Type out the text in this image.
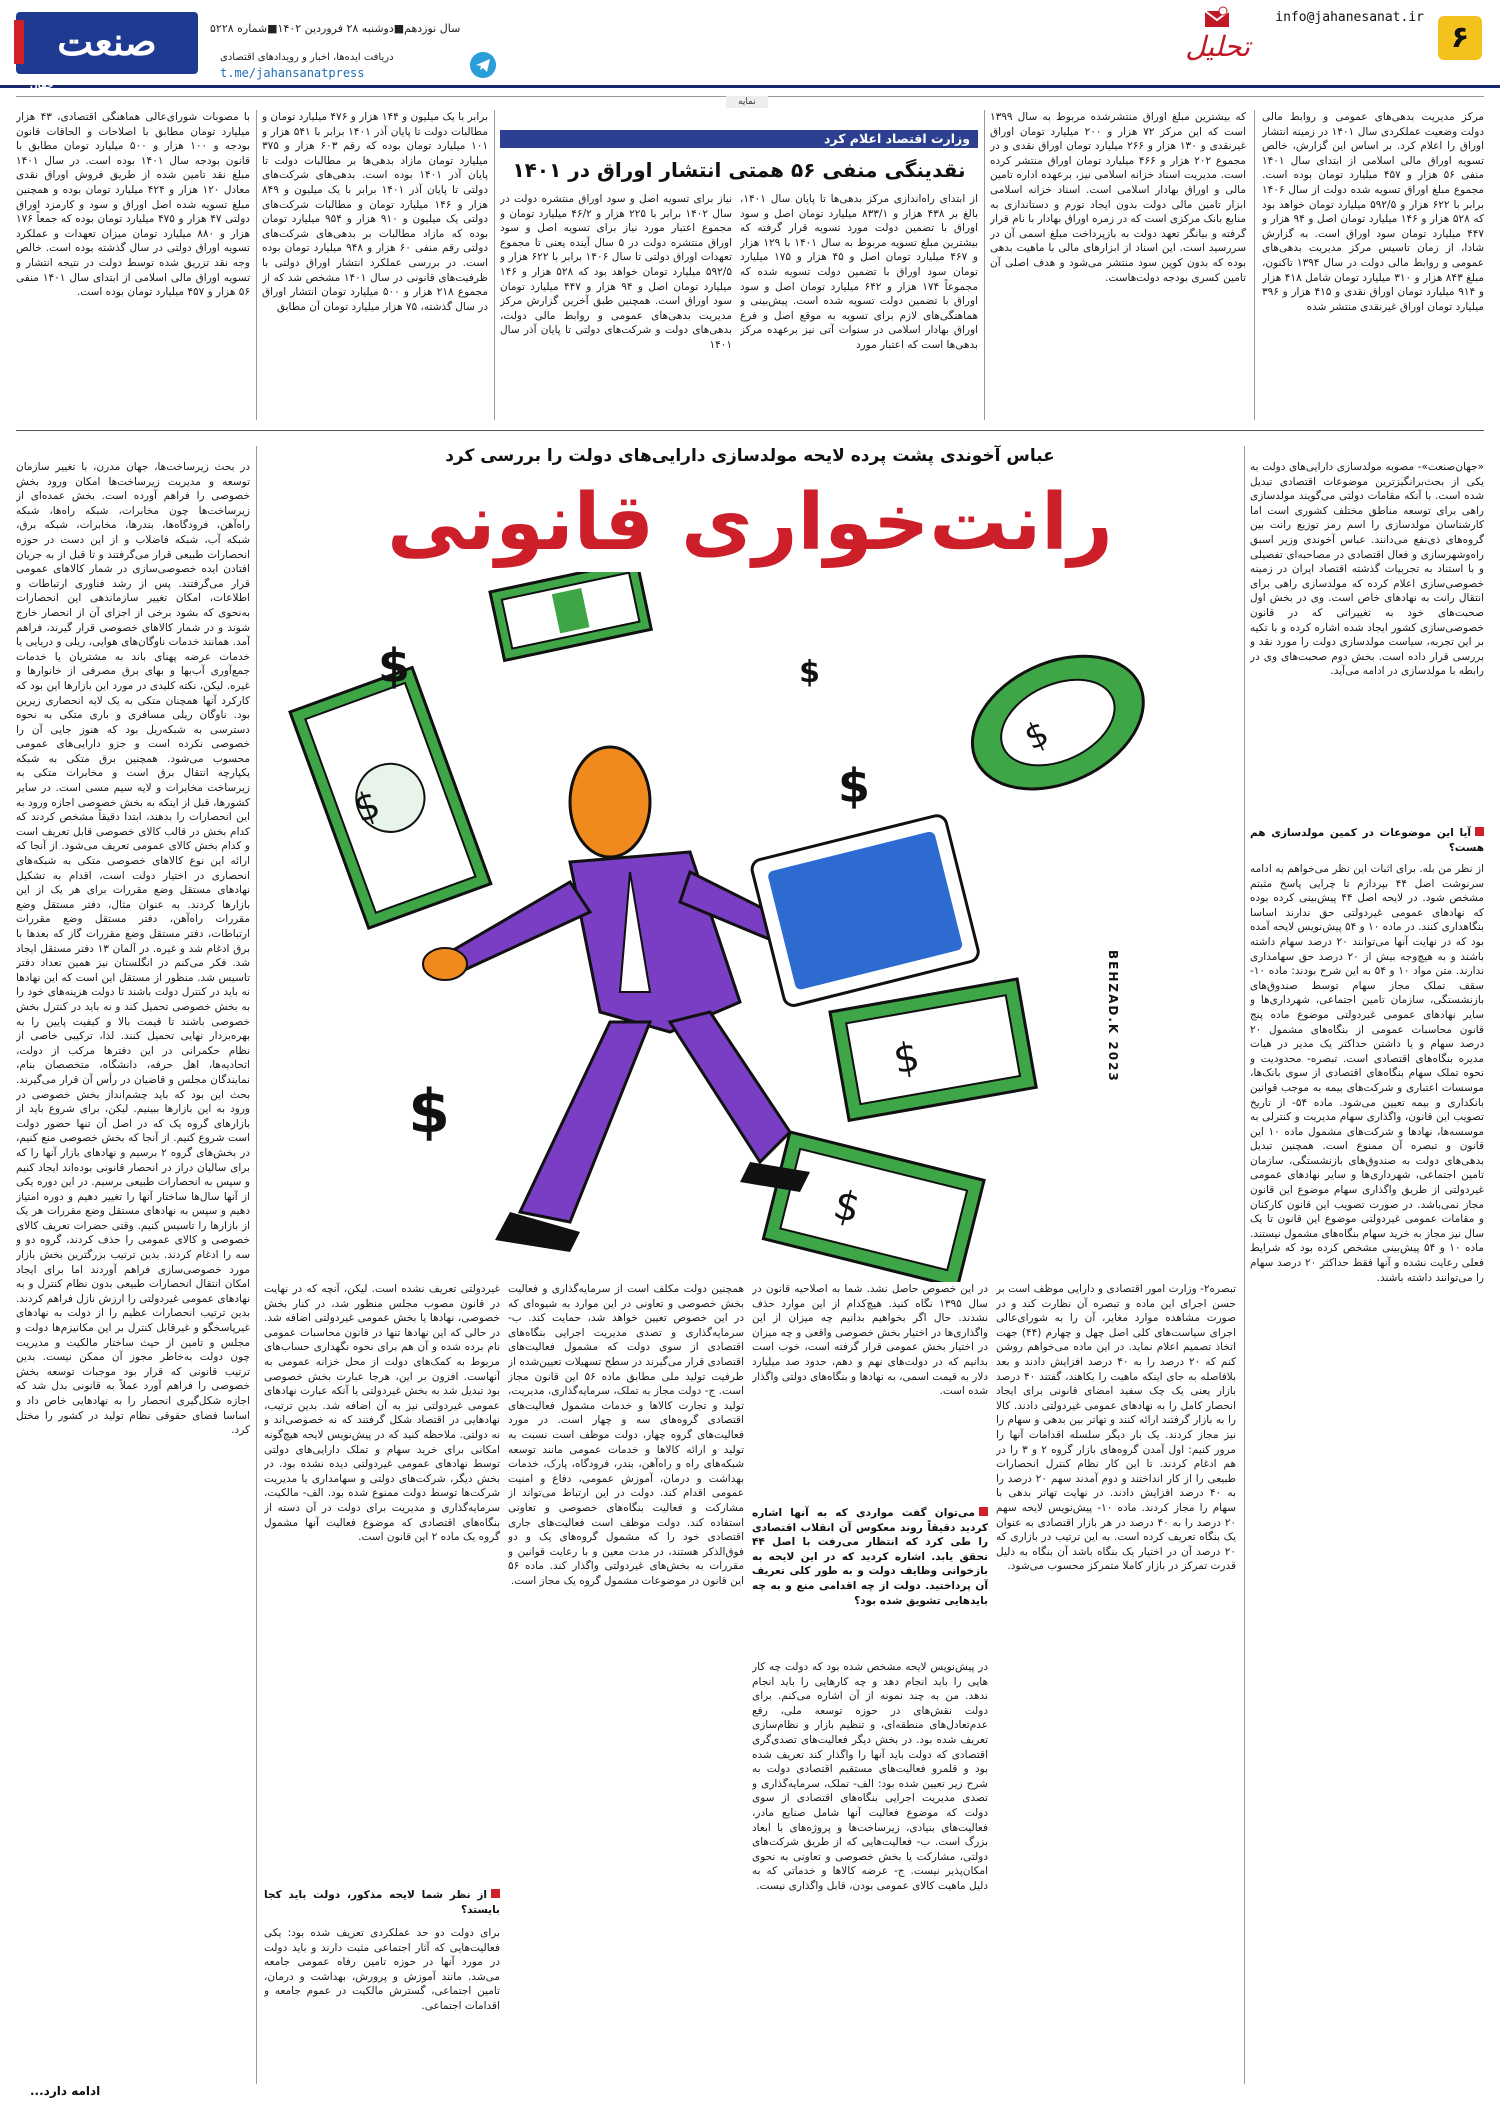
۶
info@jahanesanat.ir
تحلیل
صنعت
جهان
سال نوزدهم■دوشنبه ۲۸ فروردین ۱۴۰۲■شماره ۵۲۲۸
دریافت ایده‌ها، اخبار و رویدادهای اقتصادی
t.me/jahansanatpress
نمایه
مرکز مدیریت بدهی‌های عمومی و روابط مالی دولت وضعیت عملکردی سال ۱۴۰۱ در زمینه انتشار اوراق را اعلام کرد. بر اساس این گزارش، خالص تسویه اوراق مالی اسلامی از ابتدای سال ۱۴۰۱ منفی ۵۶ هزار و ۴۵۷ میلیارد تومان بوده است. مجموع مبلغ اوراق تسویه شده دولت از سال ۱۴۰۶ برابر با ۶۲۲ هزار و ۵۹۲/۵ میلیارد تومان خواهد بود که ۵۲۸ هزار و ۱۴۶ میلیارد تومان اصل و ۹۴ هزار و ۴۴۷ میلیارد تومان سود اوراق است. به گزارش شادا، از زمان تاسیس مرکز مدیریت بدهی‌های عمومی و روابط مالی دولت در سال ۱۳۹۴ تاکنون، مبلغ ۸۴۳ هزار و ۳۱۰ میلیارد تومان شامل ۴۱۸ هزار و ۹۱۴ میلیارد تومان اوراق نقدی و ۴۱۵ هزار و ۳۹۶ میلیارد تومان اوراق غیرنقدی منتشر شده
که بیشترین مبلغ اوراق منتشرشده مربوط به سال ۱۳۹۹ است که این مرکز ۷۲ هزار و ۲۰۰ میلیارد تومان اوراق غیرنقدی و ۱۳۰ هزار و ۲۶۶ میلیارد تومان اوراق نقدی و در مجموع ۲۰۲ هزار و ۴۶۶ میلیارد تومان اوراق منتشر کرده است. مدیریت اسناد خزانه اسلامی نیز، برعهده اداره تامین مالی و اوراق بهادار اسلامی است. اسناد خزانه اسلامی ابزار تامین مالی دولت بدون ایجاد تورم و دستاندازی به منابع بانک مرکزی است که در زمره اوراق بهادار با نام قرار گرفته و بیانگر تعهد دولت به بازپرداخت مبلغ اسمی آن در سررسید است. این اسناد از ابزارهای مالی با ماهیت بدهی بوده که بدون کوپن سود منتشر می‌شود و هدف اصلی آن تامین کسری بودجه دولت‌هاست.
وزارت اقتصاد اعلام کرد
نقدینگی منفی ۵۶ همتی انتشار اوراق در ۱۴۰۱
از ابتدای راه‌اندازی مرکز بدهی‌ها تا پایان سال ۱۴۰۱، بالغ بر ۴۳۸ هزار و ۸۳۳/۱ میلیارد تومان اصل و سود اوراق با تضمین دولت مورد تسویه قرار گرفته که بیشترین مبلغ تسویه مربوط به سال ۱۴۰۱ با ۱۲۹ هزار و ۴۶۷ میلیارد تومان اصل و ۴۵ هزار و ۱۷۵ میلیارد تومان سود اوراق با تضمین دولت تسویه شده که مجموعاً ۱۷۴ هزار و ۶۴۲ میلیارد تومان اصل و سود اوراق با تضمین دولت تسویه شده است. پیش‌بینی و هماهنگی‌های لازم برای تسویه به موقع اصل و فرع اوراق بهادار اسلامی در سنوات آتی نیز برعهده مرکز بدهی‌ها است که اعتبار مورد
نیاز برای تسویه اصل و سود اوراق منتشره دولت در سال ۱۴۰۲ برابر با ۲۲۵ هزار و ۴۶/۲ میلیارد تومان و مجموع اعتبار مورد نیاز برای تسویه اصل و سود اوراق منتشره دولت در ۵ سال آینده یعنی تا مجموع تعهدات اوراق دولتی تا سال ۱۴۰۶ برابر با ۶۲۲ هزار و ۵۹۲/۵ میلیارد تومان خواهد بود که ۵۲۸ هزار و ۱۴۶ میلیارد تومان اصل و ۹۴ هزار و ۴۴۷ میلیارد تومان سود اوراق است. همچنین طبق آخرین گزارش مرکز مدیریت بدهی‌های عمومی و روابط مالی دولت، بدهی‌های دولت و شرکت‌های دولتی تا پایان آذر سال ۱۴۰۱
برابر با یک میلیون و ۱۴۴ هزار و ۴۷۶ میلیارد تومان و مطالبات دولت تا پایان آذر ۱۴۰۱ برابر با ۵۴۱ هزار و ۱۰۱ میلیارد تومان بوده که رقم ۶۰۳ هزار و ۳۷۵ میلیارد تومان مازاد بدهی‌ها بر مطالبات دولت تا پایان آذر ۱۴۰۱ بوده است. بدهی‌های شرکت‌های دولتی تا پایان آذر ۱۴۰۱ برابر با یک میلیون و ۸۴۹ هزار و ۱۴۶ میلیارد تومان و مطالبات شرکت‌های دولتی یک میلیون و ۹۱۰ هزار و ۹۵۴ میلیارد تومان بوده که مازاد مطالبات بر بدهی‌های شرکت‌های دولتی رقم منفی ۶۰ هزار و ۹۴۸ میلیارد تومان بوده است. در بررسی عملکرد انتشار اوراق دولتی با ظرفیت‌های قانونی در سال ۱۴۰۱ مشخص شد که از مجموع ۲۱۸ هزار و ۵۰۰ میلیارد تومان انتشار اوراق در سال گذشته، ۷۵ هزار میلیارد تومان آن مطابق
با مصوبات شورای‌عالی هماهنگی اقتصادی، ۴۳ هزار میلیارد تومان مطابق با اصلاحات و الحاقات قانون بودجه و ۱۰۰ هزار و ۵۰۰ میلیارد تومان مطابق با قانون بودجه سال ۱۴۰۱ بوده است. در سال ۱۴۰۱ مبلغ نقد تامین شده از طریق فروش اوراق نقدی معادل ۱۲۰ هزار و ۴۲۴ میلیارد تومان بوده و همچنین مبلغ تسویه شده اصل اوراق و سود و کارمزد اوراق دولتی ۴۷ هزار و ۴۷۵ میلیارد تومان بوده که جمعاً ۱۷۶ هزار و ۸۸۰ میلیارد تومان میزان تعهدات و عملکرد تسویه اوراق دولتی در سال گذشته بوده است. خالص وجه نقد تزریق شده توسط دولت در نتیجه انتشار و تسویه اوراق مالی اسلامی از ابتدای سال ۱۴۰۱ منفی ۵۶ هزار و ۴۵۷ میلیارد تومان بوده است.
عباس آخوندی پشت پرده لایحه مولدسازی دارایی‌های دولت را بررسی کرد
رانت‌خواری قانونی
«جهان‌صنعت»- مصوبه مولدسازی دارایی‌های دولت به یکی از بحث‌برانگیزترین موضوعات اقتصادی تبدیل شده است. با آنکه مقامات دولتی می‌گویند مولدسازی راهی برای توسعه مناطق مختلف کشوری است اما کارشناسان مولدسازی را اسم رمز توزیع رانت بین گروه‌های ذی‌نفع می‌دانند. عباس آخوندی وزیر اسبق راه‌وشهرسازی و فعال اقتصادی در مصاحبه‌ای تفصیلی و با استناد به تجربیات گذشته اقتصاد ایران در زمینه خصوصی‌سازی اعلام کرده که مولدسازی راهی برای انتقال رانت به نهادهای خاص است. وی در بخش اول صحبت‌های خود به تغییراتی که در قانون خصوصی‌سازی کشور ایجاد شده اشاره کرده و با تکیه بر این تجربه، سیاست مولدسازی دولت را مورد نقد و بررسی قرار داده است. بخش دوم صحبت‌های وی در رابطه با مولدسازی در ادامه می‌آید.
آیا این موضوعات در کمین مولدسازی هم هست؟
از نظر من بله. برای اثبات این نظر می‌خواهم به ادامه سرنوشت اصل ۴۴ بپردازم تا چرایی پاسخ مثبتم مشخص شود. در لایحه اصل ۴۴ پیش‌بینی کرده بوده که نهادهای عمومی غیردولتی حق ندارند اساسا بنگاهداری کنند. در ماده ۱۰ و ۵۴ پیش‌نویس لایحه آمده بود که در نهایت آنها می‌توانند ۲۰ درصد سهام داشته باشند و به هیچ‌وجه بیش از ۲۰ درصد حق سهامداری ندارند. متن مواد ۱۰ و ۵۴ به این شرح بودند: ماده ۱۰- سقف تملک مجاز سهام توسط صندوق‌های بازنشستگی، سازمان تامین اجتماعی، شهرداری‌ها و سایر نهادهای عمومی غیردولتی موضوع ماده پنج قانون محاسبات عمومی از بنگاه‌های مشمول ۲۰ درصد سهام و یا داشتن حداکثر یک مدیر در هیات مدیره بنگاه‌های اقتصادی است. تبصره- محدودیت و نحوه تملک سهام بنگاه‌های اقتصادی از سوی بانک‌ها، موسسات اعتباری و شرکت‌های بیمه به موجب قوانین بانکداری و بیمه تعیین می‌شود. ماده ۵۴- از تاریخ تصویب این قانون، واگذاری سهام مدیریت و کنترلی به موسسه‌ها، نهادها و شرکت‌های مشمول ماده ۱۰ این قانون و تبصره آن ممنوع است. همچنین تبدیل بدهی‌های دولت به صندوق‌های بازنشستگی، سازمان تامین اجتماعی، شهرداری‌ها و سایر نهادهای عمومی غیردولتی از طریق واگذاری سهام موضوع این قانون مجاز نمی‌باشد. در صورت تصویب این قانون کارکنان و مقامات عمومی غیردولتی موضوع این قانون تا یک سال نیز مجاز به خرید سهام بنگاه‌های مشمول نیستند. ماده ۱۰ و ۵۴ پیش‌بینی مشخص کرده بود که شرایط فعلی رعایت نشده و آنها فقط حداکثر ۲۰ درصد سهام را می‌توانند داشته باشند.
در بحث زیرساخت‌ها، جهان مدرن، با تغییر سازمان توسعه و مدیریت زیرساخت‌ها امکان ورود بخش خصوصی را فراهم آورده است. بخش عمده‌ای از زیرساخت‌ها چون مخابرات، شبکه راه‌ها، شبکه راه‌آهن، فرودگاه‌ها، بندرها، مخابرات، شبکه برق، شبکه آب، شبکه فاضلاب و از این دست در حوزه انحصارات طبیعی قرار می‌گرفتند و تا قبل از به جریان افتادن ایده خصوصی‌سازی در شمار کالاهای عمومی قرار می‌گرفتند. پس از رشد فناوری ارتباطات و اطلاعات، امکان تغییر سازماندهی این انحصارات به‌نحوی که بشود برخی از اجزای آن از انحصار خارج شوند و در شمار کالاهای خصوصی قرار گیرند، فراهم آمد. همانند خدمات ناوگان‌های هوایی، ریلی و دریایی یا خدمات عرضه پهنای باند به مشتریان یا خدمات جمع‌آوری آب‌بها و بهای برق مصرفی از خانوارها و غیره. لیکن، نکته کلیدی در مورد این بازارها این بود که کارکرد آنها همچنان متکی به یک لایه انحصاری زیرین بود. ناوگان ریلی مسافری و باری متکی به نحوه دسترسی به شبکه‌ریل بود که هنوز جایی آن را خصوصی نکرده است و جزو دارایی‌های عمومی محسوب می‌شود. همچنین برق متکی به شبکه یکپارچه انتقال برق است و مخابرات متکی به زیرساخت مخابرات و لایه سیم مسی است. در سایر کشورها، قبل از اینکه به بخش خصوصی اجازه ورود به این انحصارات را بدهند، ابتدا دقیقاً مشخص کردند که کدام بخش در قالب کالای خصوصی قابل تعریف است و کدام بخش کالای عمومی تعریف می‌شود. از آنجا که ارائه این نوع کالاهای خصوصی متکی به شبکه‌های انحصاری در اختیار دولت است، اقدام به تشکیل نهادهای مستقل وضع مقررات برای هر یک از این بازارها کردند. به عنوان مثال، دفتر مستقل وضع مقررات راه‌آهن، دفتر مستقل وضع مقررات ارتباطات، دفتر مستقل وضع مقررات گاز که بعدها با برق ادغام شد و غیره. در آلمان ۱۳ دفتر مستقل ایجاد شد. فکر می‌کنم در انگلستان نیز همین تعداد دفتر تاسیس شد. منظور از مستقل این است که این نهادها نه باید در کنترل دولت باشند تا دولت هزینه‌های خود را به بخش خصوصی تحمیل کند و نه باید در کنترل بخش خصوصی باشند تا قیمت بالا و کیفیت پایین را به بهره‌بردار نهایی تحمیل کنند. لذا، ترکیبی خاصی از نظام حکمرانی در این دفترها مرکب از دولت، اتحادیه‌ها، اهل حرفه، دانشگاه، متخصصان بنام، نمایندگان مجلس و قاضیان در رأس آن قرار می‌گیرند. بحث این بود که باید چشم‌انداز بخش خصوصی در ورود به این بازارها ببینیم. لیکن، برای شروع باید از بازارهای گروه یک که در اصل آن تنها حضور دولت است شروع کنیم. از آنجا که بخش خصوصی منع کنیم، در بخش‌های گروه ۲ برسیم و نهادهای بازار آنها را که برای سالیان دراز در انحصار قانونی بوده‌اند ایجاد کنیم و سپس به انحصارات طبیعی برسیم. در این دوره یکی از آنها سال‌ها ساختار آنها را تغییر دهیم و دوره امتیاز دهیم و سپس به نهادهای مستقل وضع مقررات هر یک از بازارها را تاسیس کنیم. وقتی حضرات تعریف کالای خصوصی و کالای عمومی را حذف کردند، گروه دو و سه را ادغام کردند. بدین ترتیب بزرگترین بخش بازار مورد خصوصی‌سازی فراهم آوردند اما برای ایجاد امکان انتقال انحصارات طبیعی بدون نظام کنترل و به نهادهای عمومی غیردولتی را ارزش نازل فراهم کردند. بدین ترتیب انحصارات عظیم را از دولت به نهادهای غیرپاسخگو و غیرقابل کنترل بر این مکانیزم‌ها دولت و مجلس و تامین از حیث ساختار مالکیت و مدیریت چون دولت به‌خاطر مجوز آن ممکن نیست. بدین ترتیب قانونی که قرار بود موجبات توسعه بخش خصوصی را فراهم آورد عملاً به قانونی بدل شد که اجازه شکل‌گیری انحصار را به نهادهایی خاص داد و اساسا فضای حقوقی نظام تولید در کشور را مختل کرد.
ادامه دارد...
$
$
$
$
$
$
$
$
BEHZAD.K 2023
تبصره۲- وزارت امور اقتصادی و دارایی موظف است بر حسن اجرای این ماده و تبصره آن نظارت کند و در صورت مشاهده موارد مغایر، آن را به شورای‌عالی اجرای سیاست‌های کلی اصل چهل و چهارم (۴۴) جهت اتخاذ تصمیم اعلام نماید. در این ماده می‌خواهم روشن کنم که ۲۰ درصد را به ۴۰ درصد افزایش دادند و بعد بلافاصله به جای اینکه ماهیت را بکاهند، گفتند ۴۰ درصد بازار یعنی یک چک سفید امضای قانونی برای ایجاد انحصار کامل را به نهادهای عمومی غیردولتی دادند. کالا را به بازار گرفتند ارائه کنند و تهاتر بین بدهی و سهام را نیز مجاز کردند. یک بار دیگر سلسله اقدامات آنها را مرور کنیم: اول آمدن گروه‌های بازار گروه ۲ و ۳ را در هم ادغام کردند. تا این کار نظام کنترل انحصارات طبیعی را از کار انداختند و دوم آمدند سهم ۲۰ درصد را به ۴۰ درصد افزایش دادند. در نهایت تهاتر بدهی با سهام را مجاز کردند. ماده ۱۰- پیش‌نویس لایحه سهم ۲۰ درصد را به ۴۰ درصد در هر بازار اقتصادی به عنوان یک بنگاه تعریف کرده است. به این ترتیب در بازاری که ۲۰ درصد آن در اختیار یک بنگاه باشد آن بنگاه به دلیل قدرت تمرکز در بازار کاملا متمرکز محسوب می‌شود.
در این خصوص حاصل نشد. شما به اصلاحیه قانون در سال ۱۳۹۵ نگاه کنید. هیچ‌کدام از این موارد حذف نشدند. حال اگر بخواهیم بدانیم چه میزان از این واگذاری‌ها در اختیار بخش خصوصی واقعی و چه میزان در اختیار بخش عمومی قرار گرفته است، خوب است بدانیم که در دولت‌های نهم و دهم، حدود صد میلیارد دلار به قیمت اسمی، به نهادها و بنگاه‌های دولتی واگذار شده است.
می‌توان گفت مواردی که به آنها اشاره کردید دقیقاً روند معکوس آن انقلاب اقتصادی را طی کرد که انتظار می‌رفت با اصل ۴۴ تحقق یابد. اشاره کردید که در این لایحه به بازخوانی وظایف دولت و به طور کلی تعریف آن پرداختید. دولت از چه اقدامی منع و به چه بایدهایی تشویق شده بود؟
در پیش‌نویس لایحه مشخص شده بود که دولت چه کار هایی را باید انجام دهد و چه کارهایی را باید انجام ندهد. من به چند نمونه از آن اشاره می‌کنم. برای دولت نقش‌های در حوزه توسعه ملی، رفع عدم‌تعادل‌های منطقه‌ای، و تنظیم بازار و نظام‌سازی تعریف شده بود. در بخش دیگر فعالیت‌های تصدی‌گری اقتصادی که دولت باید آنها را واگذار کند تعریف شده بود و قلمرو فعالیت‌های مستقیم اقتصادی دولت به شرح زیر تعیین شده بود: الف- تملک، سرمایه‌گذاری و تصدی مدیریت اجرایی بنگاه‌های اقتصادی از سوی دولت که موضوع فعالیت آنها شامل صنایع مادر، فعالیت‌های بنیادی، زیرساخت‌ها و پروژه‌های با ابعاد بزرگ است. ب- فعالیت‌هایی که از طریق شرکت‌های دولتی، مشارکت یا بخش خصوصی و تعاونی به نحوی امکان‌پذیر نیست. ج- عرضه کالاها و خدماتی که به دلیل ماهیت کالای عمومی بودن، قابل واگذاری نیست.
همچنین دولت مکلف است از سرمایه‌گذاری و فعالیت بخش خصوصی و تعاونی در این موارد به شیوه‌ای که در این خصوص تعیین خواهد شد، حمایت کند. ب- سرمایه‌گذاری و تصدی مدیریت اجرایی بنگاه‌های اقتصادی از سوی دولت که مشمول فعالیت‌های اقتصادی قرار می‌گیرند در سطح تسهیلات تعیین‌شده از طرفیت تولید ملی مطابق ماده ۵۶ این قانون مجاز است. ج- دولت مجاز به تملک، سرمایه‌گذاری، مدیریت، تولید و تجارت کالاها و خدمات مشمول فعالیت‌های اقتصادی گروه‌های سه و چهار است. در مورد فعالیت‌های گروه چهار، دولت موظف است نسبت به تولید و ارائه کالاها و خدمات عمومی مانند توسعه شبکه‌های راه و راه‌آهن، بندر، فرودگاه، پارک، خدمات بهداشت و درمان، آموزش عمومی، دفاع و امنیت عمومی اقدام کند. دولت در این ارتباط می‌تواند از مشارکت و فعالیت بنگاه‌های خصوصی و تعاونی استفاده کند. دولت موظف است فعالیت‌های جاری اقتصادی خود را که مشمول گروه‌های یک و دو فوق‌الذکر هستند، در مدت معین و با رعایت قوانین و مقررات به بخش‌های غیردولتی واگذار کند. ماده ۵۶ این قانون در موضوعات مشمول گروه یک مجاز است.
غیردولتی تعریف نشده است. لیکن، آنچه که در نهایت در قانون مصوب مجلس منظور شد، در کنار بخش خصوصی، نهادها یا بخش عمومی غیردولتی اضافه شد. در حالی که این نهادها تنها در قانون محاسبات عمومی نام برده شده و آن هم برای نحوه نگهداری حساب‌های مربوط به کمک‌های دولت از محل خزانه عمومی به آنهاست. افزون بر این، هرجا عبارت بخش خصوصی بود تبدیل شد به بخش غیردولتی یا آنکه عبارت نهادهای عمومی غیردولتی نیز به آن اضافه شد. بدین ترتیب، نهادهایی در اقتصاد شکل گرفتند که نه خصوصی‌اند و نه دولتی. ملاحظه کنید که در پیش‌نویس لایحه هیچ‌گونه امکانی برای خرید سهام و تملک دارایی‌های دولتی توسط نهادهای عمومی غیردولتی دیده نشده بود. در بخش دیگر، شرکت‌های دولتی و سهامداری یا مدیریت شرکت‌ها توسط دولت ممنوع شده بود. الف- مالکیت، سرمایه‌گذاری و مدیریت برای دولت در آن دسته از بنگاه‌های اقتصادی که موضوع فعالیت آنها مشمول گروه یک ماده ۲ این قانون است.
از نظر شما لایحه مذکور، دولت باید کجا بایستد؟
برای دولت دو حد عملکردی تعریف شده بود: یکی فعالیت‌هایی که آثار اجتماعی مثبت دارند و باید دولت در مورد آنها در حوزه تامین رفاه عمومی جامعه می‌شد. مانند آموزش و پرورش، بهداشت و درمان، تامین اجتماعی، گسترش مالکیت در عموم جامعه و اقدامات اجتماعی.
